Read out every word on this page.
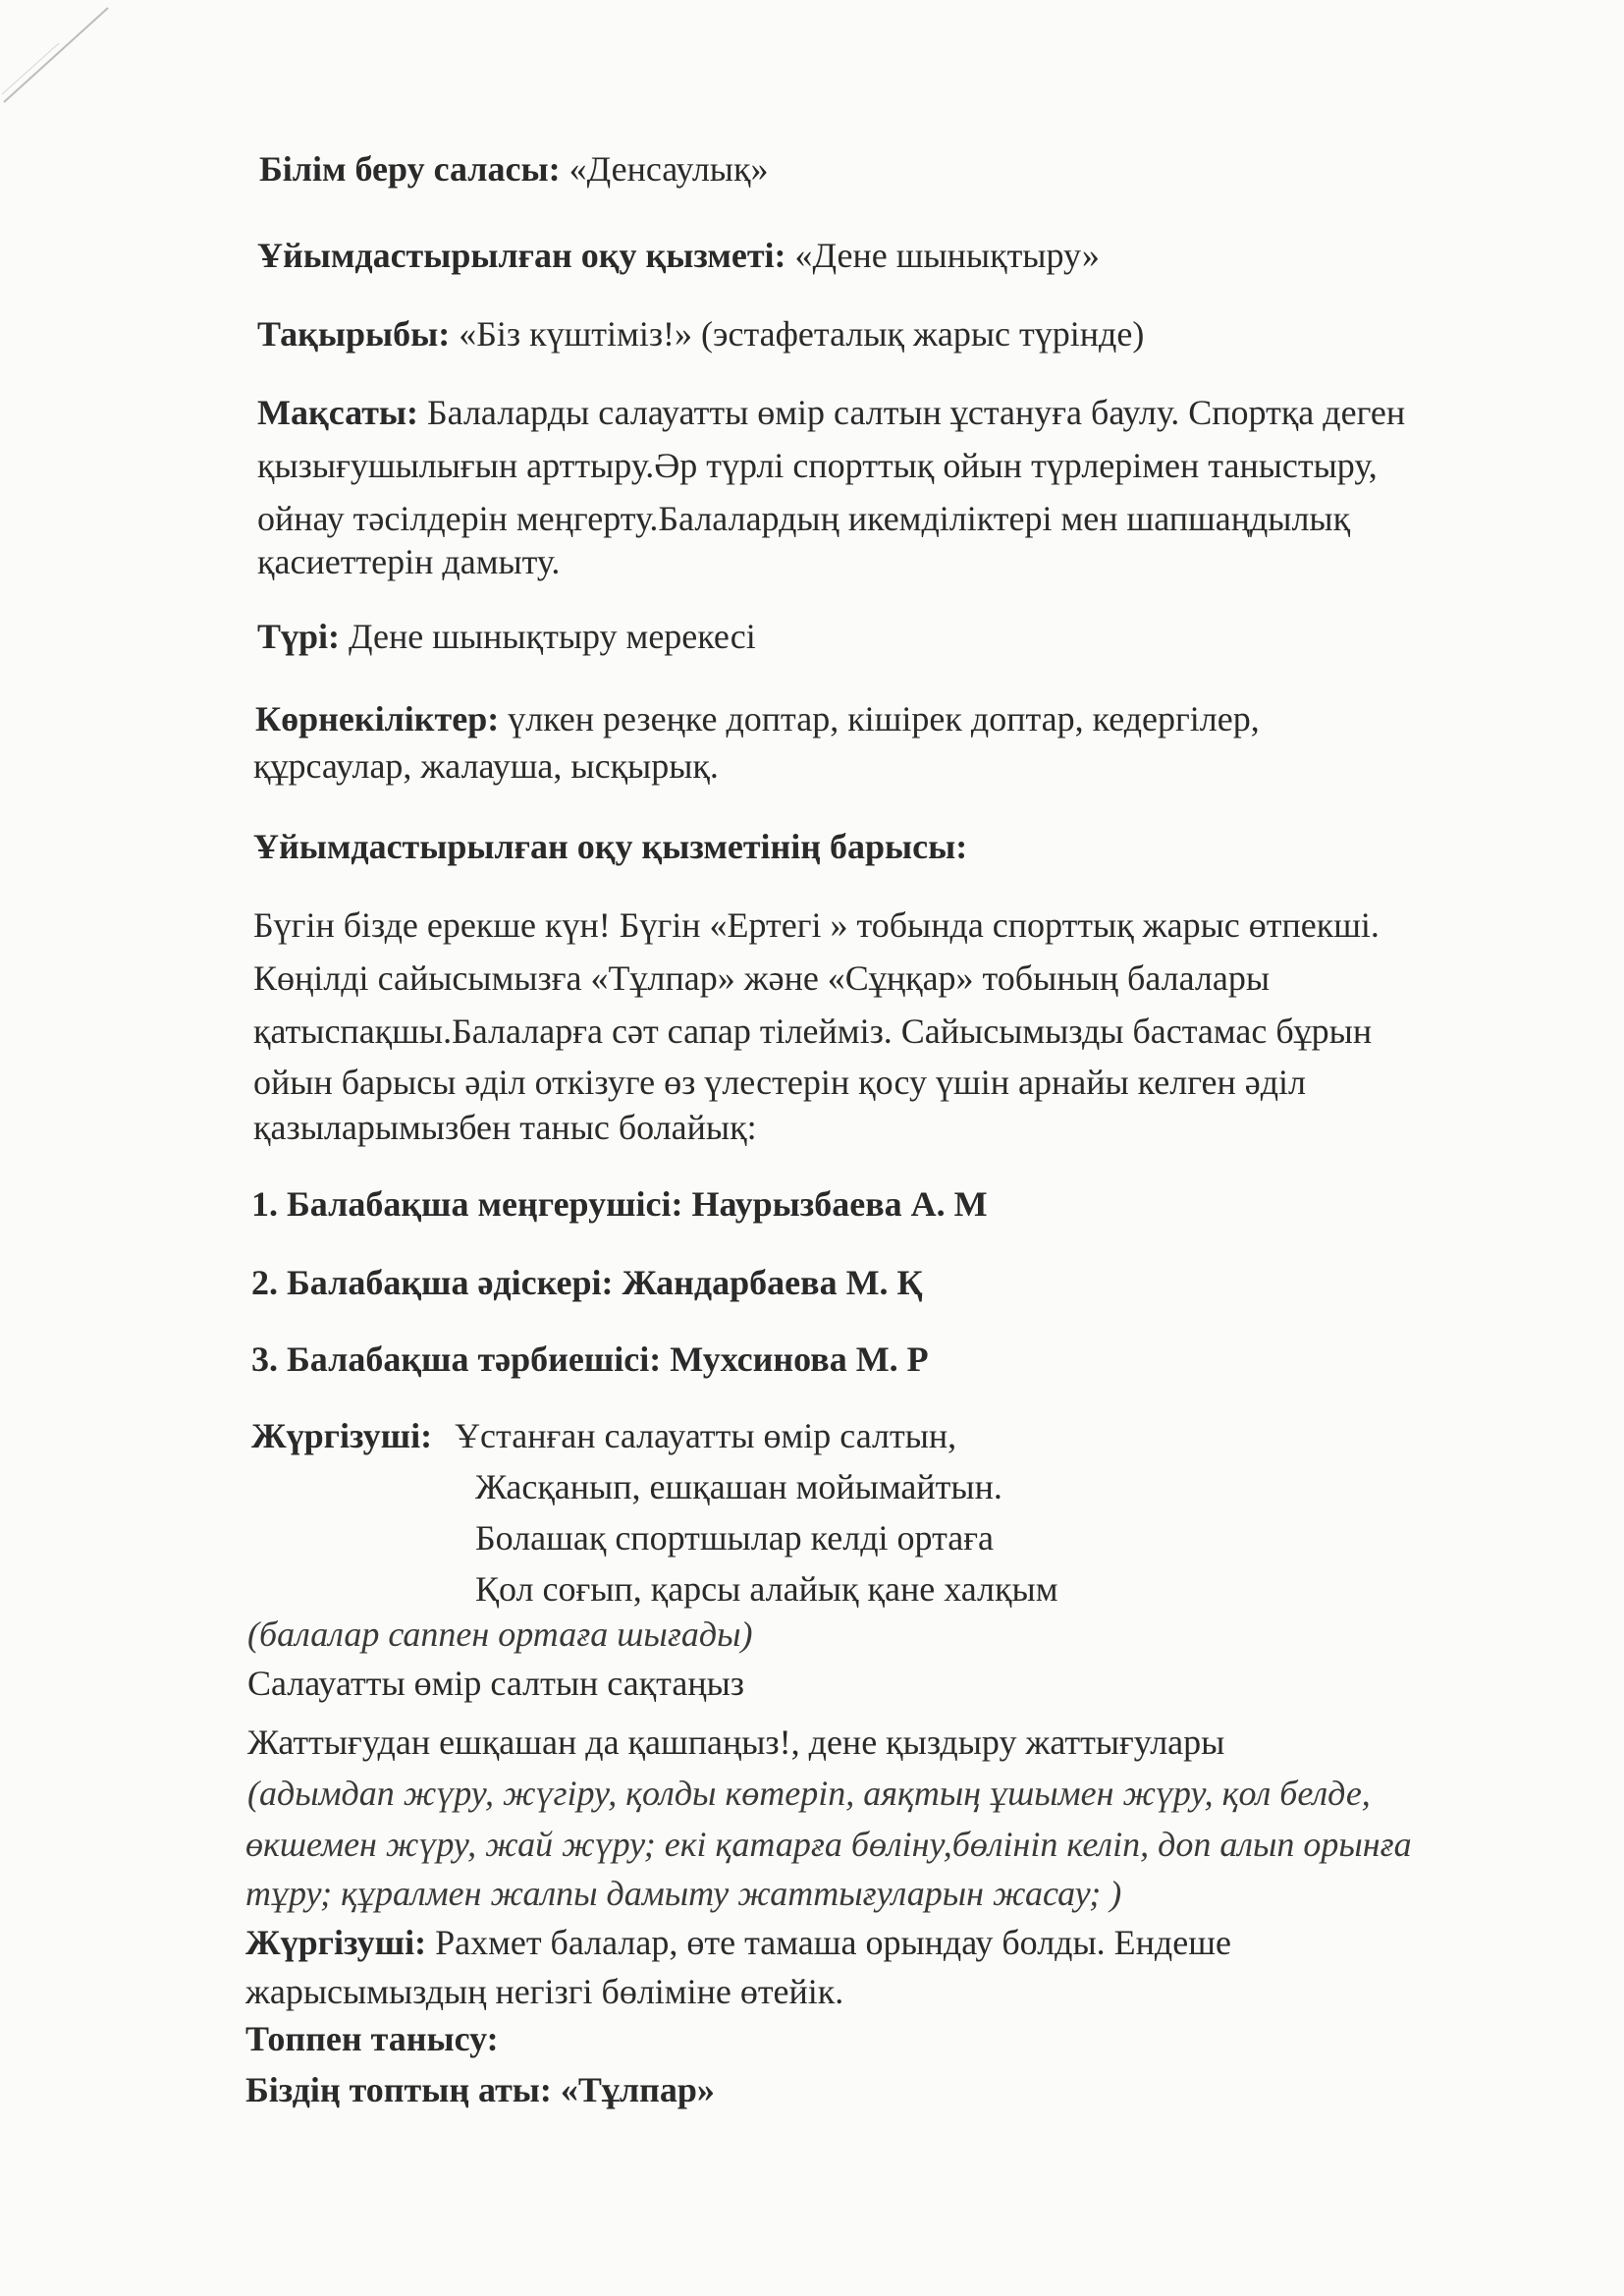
Білім беру саласы: «Денсаулық»
Ұйымдастырылған оқу қызметі: «Дене шынықтыру»
Тақырыбы: «Біз күштіміз!» (эстафеталық жарыс түрінде)
Мақсаты: Балаларды салауатты өмір салтын ұстануға баулу. Спортқа деген
қызығушылығын арттыру.Әр түрлі спорттық ойын түрлерімен таныстыру,
ойнау тәсілдерін меңгерту.Балалардың икемділіктері мен шапшаңдылық
қасиеттерін дамыту.
Түрі: Дене шынықтыру мерекесі
Көрнекіліктер: үлкен резеңке доптар, кішірек доптар, кедергілер,
құрсаулар, жалауша, ысқырық.
Ұйымдастырылған оқу қызметінің барысы:
Бүгін бізде ерекше күн! Бүгін «Ертегі » тобында спорттық жарыс өтпекші.
Көңілді сайысымызға «Тұлпар» және «Сұңқар» тобының балалары
қатыспақшы.Балаларға сәт сапар тілейміз. Сайысымызды бастамас бұрын
ойын барысы әділ откізуге өз үлестерін қосу үшін арнайы келген әділ
қазыларымызбен таныс болайық:
1. Балабақша меңгерушісі: Наурызбаева А. М
2. Балабақша әдіскері: Жандарбаева М. Қ
3. Балабақша тәрбиешісі: Мухсинова М. Р
Жүргізуші: Ұстанған салауатты өмір салтын,
Жасқанып, ешқашан мойымайтын.
Болашақ спортшылар келді ортаға
Қол соғып, қарсы алайық қане халқым
(балалар саппен ортаға шығады)
Салауатты өмір салтын сақтаңыз
Жаттығудан ешқашан да қашпаңыз!, дене қыздыру жаттығулары
(адымдап жүру, жүгіру, қолды көтеріп, аяқтың ұшымен жүру, қол белде,
өкшемен жүру, жай жүру; екі қатарға бөліну,бөлініп келіп, доп алып орынға
тұру; құралмен жалпы дамыту жаттығуларын жасау; )
Жүргізуші: Рахмет балалар, өте тамаша орындау болды. Ендеше
жарысымыздың негізгі бөліміне өтейік.
Топпен танысу:
Біздің топтың аты: «Тұлпар»
